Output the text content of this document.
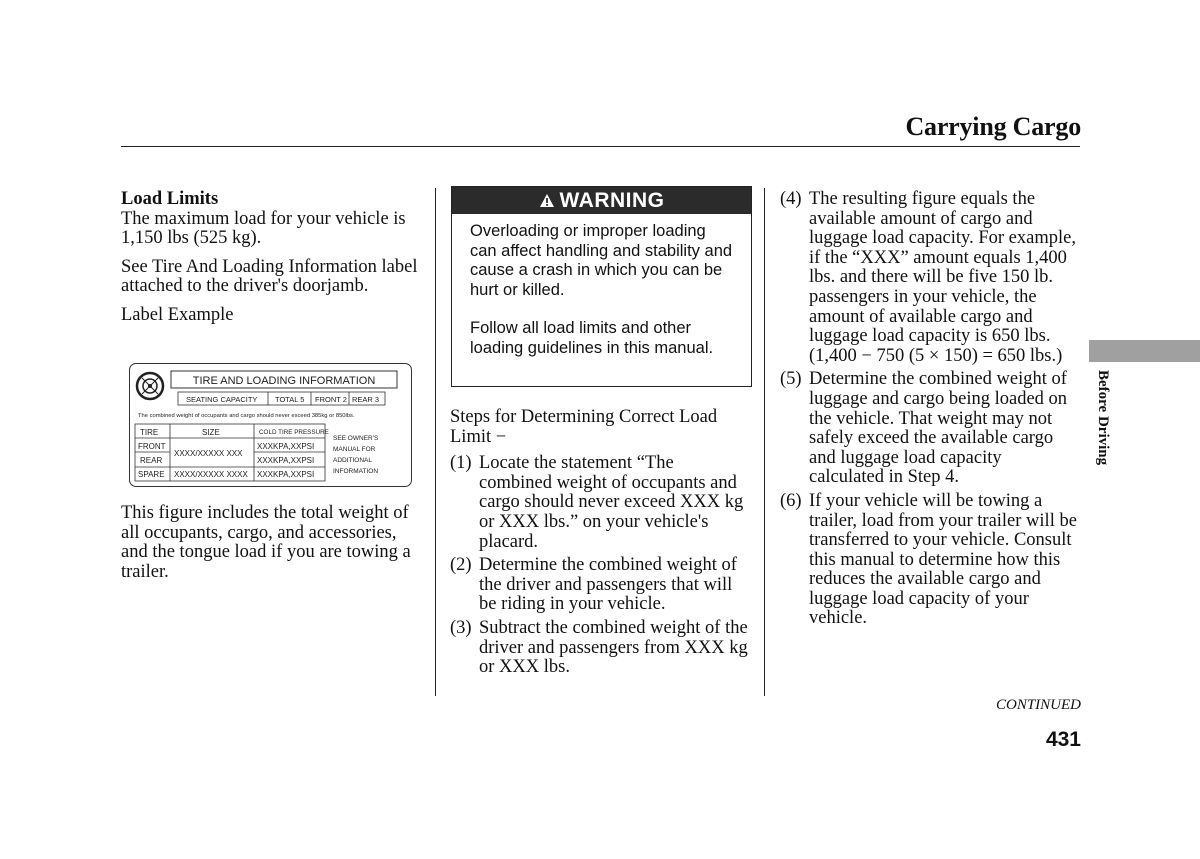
Carrying Cargo
Load Limits

The maximum load for your vehicle is 1,150 lbs (525 kg).

See Tire And Loading Information label attached to the driver's doorjamb.

Label Example

TIRE AND LOADING INFORMATION
SEATING CAPACITY TOTAL 5 FRONT 2 REAR 3
The combined weight of occupants and cargo should never exceed 385kg or 850lbs.
TIRE	SIZE	COLD TIRE PRESSURE
FRONT
REAR
SPARE
XXXX/XXXXX XXX
XXXX/XXXXX XXXX
XXXKPA,XXPSI
XXXKPA,XXPSI
XXXKPA,XXPSI
SEE OWNER'S
MANUAL FOR
ADDITIONAL
INFORMATION

This figure includes the total weight of all occupants, cargo, and accessories, and the tongue load if you are towing a trailer.

WARNING

Overloading or improper loading can affect handling and stability and cause a crash in which you can be hurt or killed.

Follow all load limits and other loading guidelines in this manual.

Steps for Determining Correct Load Limit −

(1) Locate the statement “The combined weight of occupants and cargo should never exceed XXX kg or XXX lbs.” on your vehicle's placard.
(2) Determine the combined weight of the driver and passengers that will be riding in your vehicle.
(3) Subtract the combined weight of the driver and passengers from XXX kg or XXX lbs.
(4) The resulting figure equals the available amount of cargo and luggage load capacity. For example, if the “XXX” amount equals 1,400 lbs. and there will be five 150 lb. passengers in your vehicle, the amount of available cargo and luggage load capacity is 650 lbs.
(1,400 − 750 (5 × 150) = 650 lbs.)
(5) Determine the combined weight of luggage and cargo being loaded on the vehicle. That weight may not safely exceed the available cargo and luggage load capacity calculated in Step 4.
(6) If your vehicle will be towing a trailer, load from your trailer will be transferred to your vehicle. Consult this manual to determine how this reduces the available cargo and luggage load capacity of your vehicle.
Before Driving
CONTINUED
431
